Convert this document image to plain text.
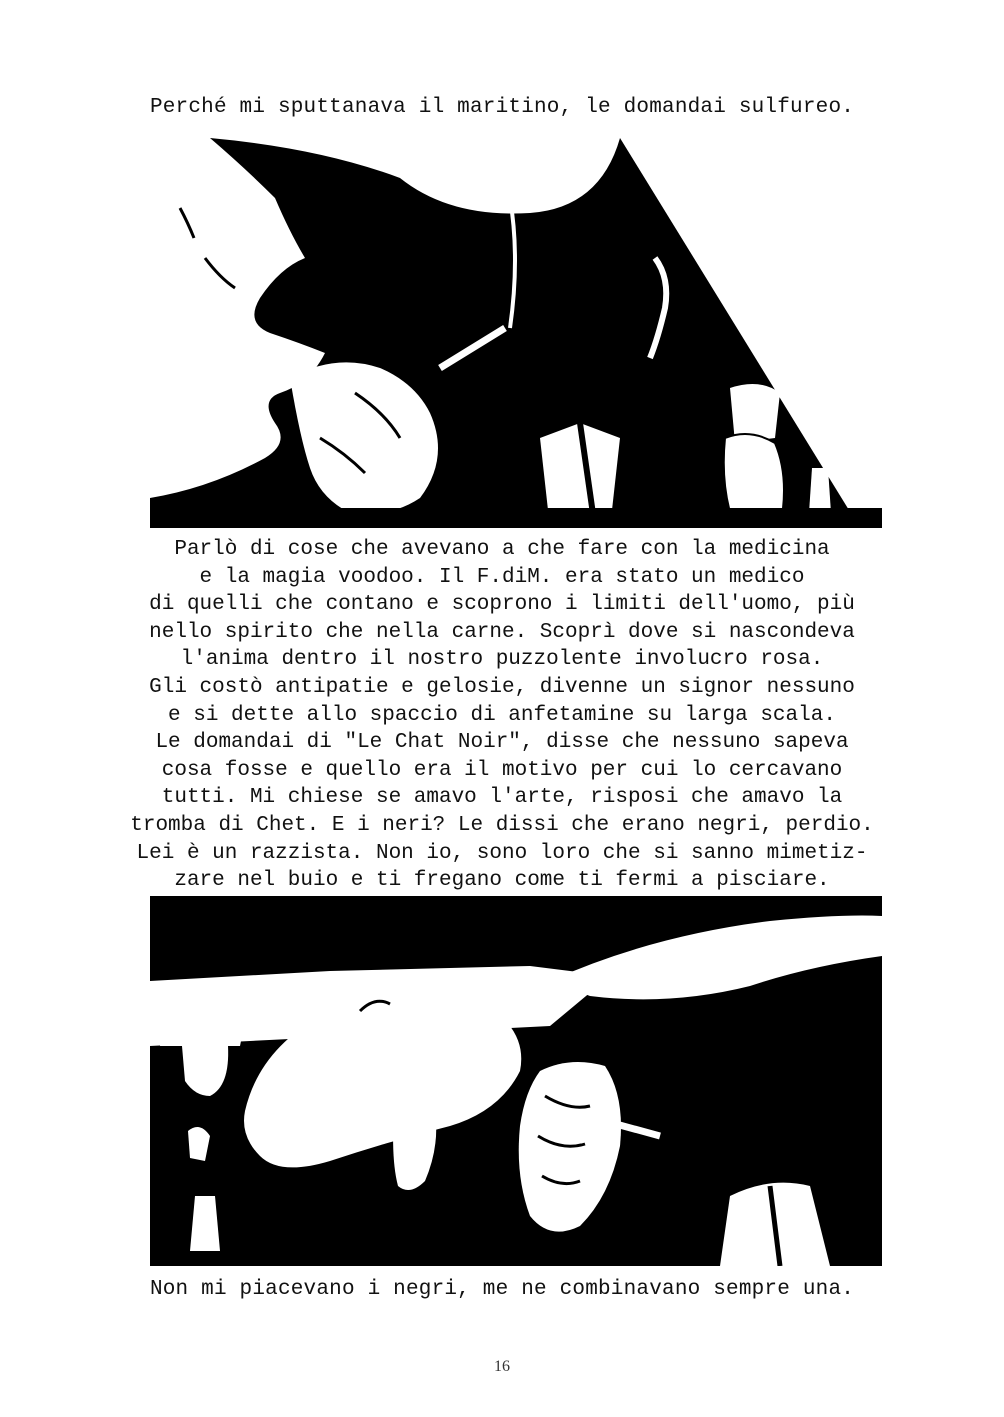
Perché mi sputtanava il maritino, le domandai sulfureo.
Parlò di cose che avevano a che fare con la medicina
e la magia voodoo. Il F.diM. era stato un medico
di quelli che contano e scoprono i limiti dell'uomo, più
nello spirito che nella carne. Scoprì dove si nascondeva
l'anima dentro il nostro puzzolente involucro rosa.
Gli costò antipatie e gelosie, divenne un signor nessuno
e si dette allo spaccio di anfetamine su larga scala.
Le domandai di "Le Chat Noir", disse che nessuno sapeva
cosa fosse e quello era il motivo per cui lo cercavano
tutti. Mi chiese se amavo l'arte, risposi che amavo la
tromba di Chet. E i neri? Le dissi che erano negri, perdio.
Lei è un razzista. Non io, sono loro che si sanno mimetiz-
zare nel buio e ti fregano come ti fermi a pisciare.
Non mi piacevano i negri, me ne combinavano sempre una.
16
